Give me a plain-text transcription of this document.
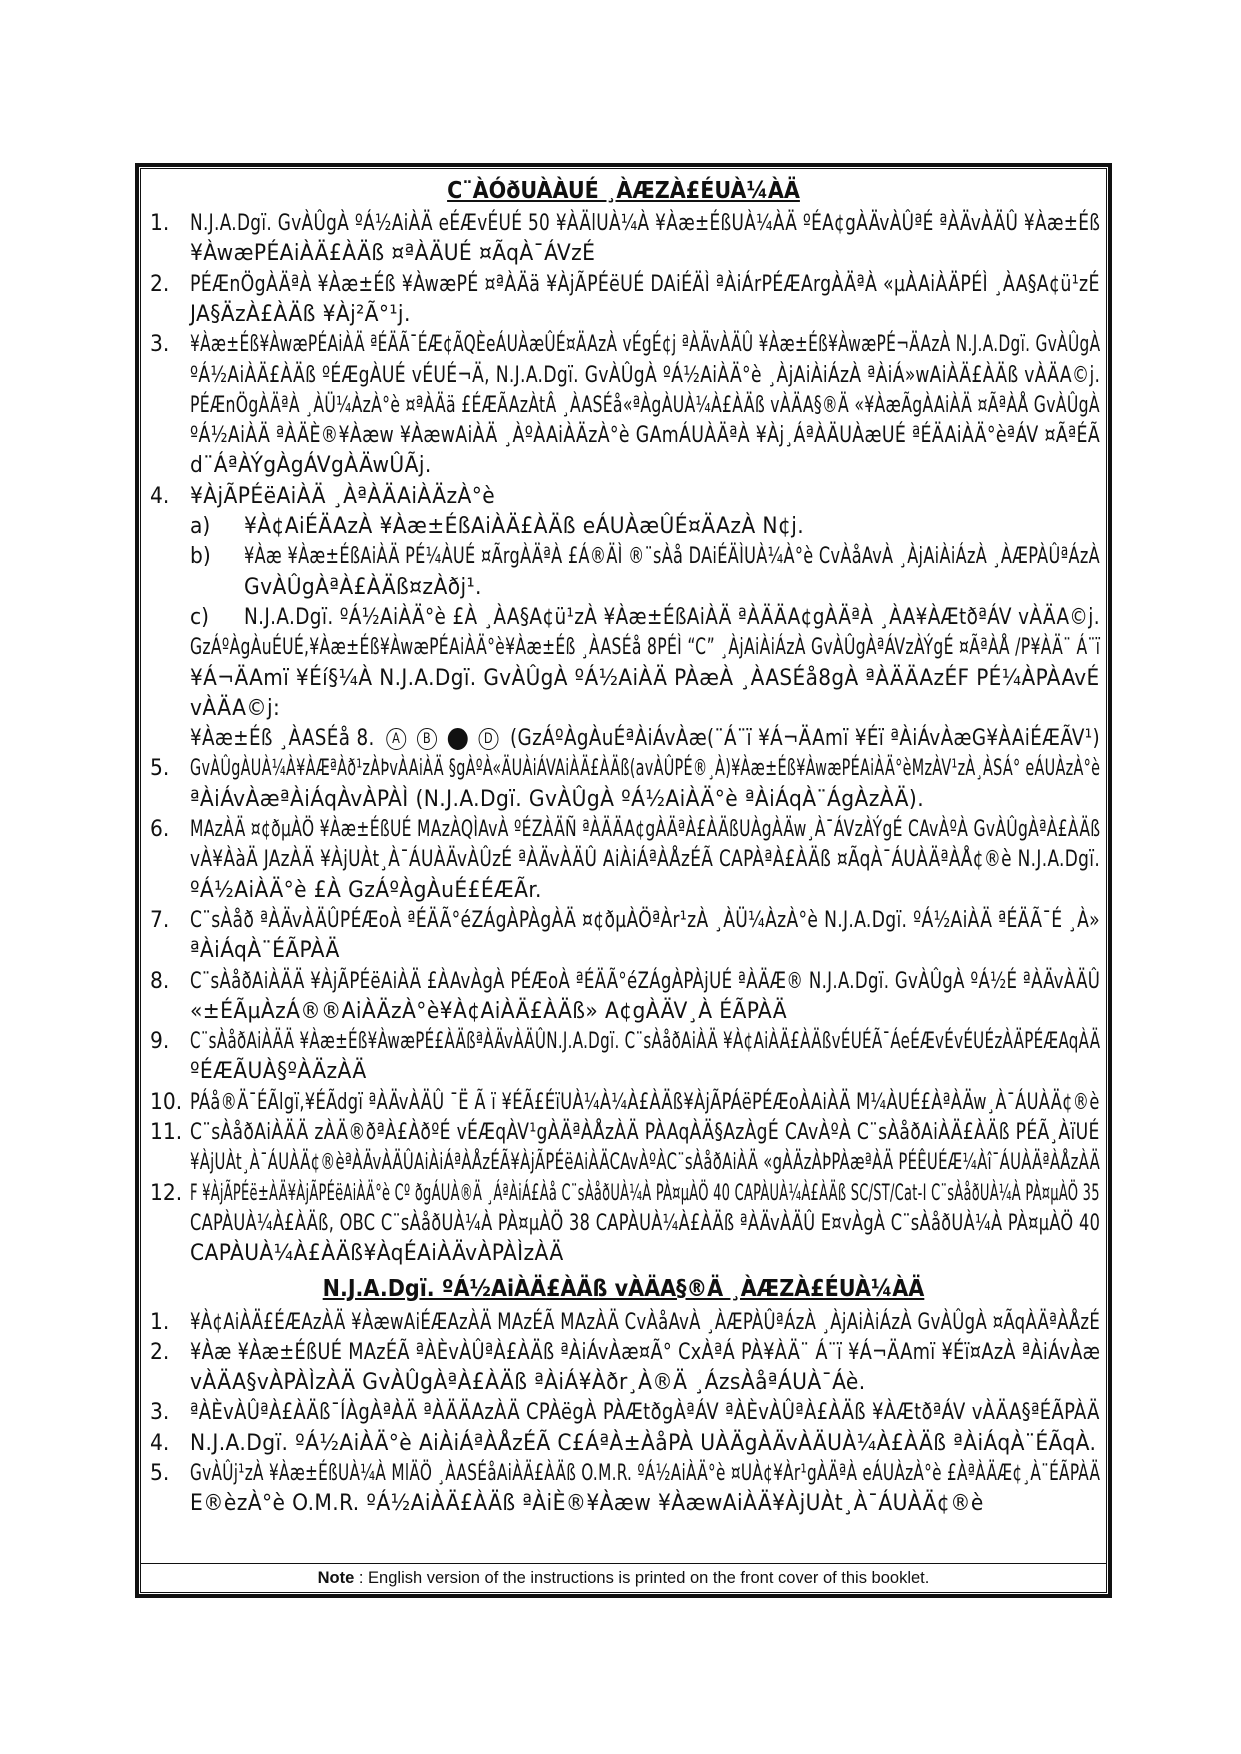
C¨ÀÓðUÀÀUÉ ¸ÀÆZÀ£ÉUÀ¼ÀÄ
1. N.J.A.Dgï. GvÀÛgÀ ºÁ½AiÀÄ eÉÆvÉUÉ 50 ¥ÀÄlUÀ¼À ¥Àæ±ÉßUÀ¼ÀÄ ºÉA¢gÀÄvÀÛªÉ ªÀÄvÀÄÛ ¥Àæ±Éß
¥ÀwæPÉAiÀÄ£ÀÄß ¤ªÀÄUÉ ¤ÃqÀ¯ÁVzÉ
2. PÉÆnÖgÀÄªÀ ¥Àæ±Éß ¥ÀwæPÉ ¤ªÀÄä ¥ÀjÃPÉëUÉ DAiÉÄÌ ªÀiÁrPÉÆArgÀÄªÀ «µÀAiÀÄPÉÌ ¸ÀA§A¢ü¹zÉ
JA§ÄzÀ£ÀÄß ¥Àj²Ã°¹j.
3. ¥Àæ±Éß¥ÀwæPÉAiÀÄ ªÉÄÃ¯ÉÆ¢ÃQÈeÁUÀæÛÉ¤ÄAzÀ vÉgÉ¢j ªÀÄvÀÄÛ ¥Àæ±Éß¥ÀwæPÉ¬ÄAzÀ N.J.A.Dgï. GvÀÛgÀ
ºÁ½AiÀÄ£ÀÄß ºÉÆgÀUÉ vÉUÉ¬Ä, N.J.A.Dgï. GvÀÛgÀ ºÁ½AiÀÄ°è ¸ÀjAiÀiÁzÀ ªÀiÁ»wAiÀÄ£ÀÄß vÀÄA©j.
PÉÆnÖgÀÄªÀ ¸ÀÜ¼ÀzÀ°è ¤ªÀÄä £ÉÆÃAzÀtÂ ¸ÀASÉå«ªÀgÀUÀ¼À£ÀÄß vÀÄA§®Ä «¥ÀæÃgÀAiÀÄ ¤ÃªÀÅ GvÀÛgÀ
ºÁ½AiÀÄ ªÀÄÈ®¥Àæw ¥ÀæwAiÀÄ ¸ÀºÀAiÀÄzÀ°è GAmÁUÀÄªÀ ¥Àj¸ÁªÀÄUÀæUÉ ªÉÄAiÀÄ°èªÁV ¤ÃªÉÃ
d¨ÁªÀÝgÀgÁVgÀÄwÛÃj.
4. ¥ÀjÃPÉëAiÀÄ ¸ÀªÀÄAiÀÄzÀ°è
a) ¥À¢AiÉÄAzÀ ¥Àæ±ÉßAiÀÄ£ÀÄß eÁUÀæÛÉ¤ÄAzÀ N¢j.
b) ¥Àæ ¥Àæ±ÉßAiÀÄ PÉ¼ÀUÉ ¤ÃrgÀÄªÀ £Á®ÄÌ ®¨sÀå DAiÉÄÌUÀ¼À°è CvÀåAvÀ ¸ÀjAiÀiÁzÀ ¸ÀÆPÀÛªÁzÀ
GvÀÛgÀªÀ£ÀÄß¤zÀðj¹.
c) N.J.A.Dgï. ºÁ½AiÀÄ°è £À ¸ÀA§A¢ü¹zÀ ¥Àæ±ÉßAiÀÄ ªÀÄÄA¢gÀÄªÀ ¸ÀA¥ÀÆtðªÁV vÀÄA©j.
GzÁºÀgÀuÉUÉ,¥Àæ±Éß¥ÀwæPÉAiÀÄ°è¥Àæ±Éß ¸ÀASÉå 8PÉÌ “C” ¸ÀjAiÀiÁzÀ GvÀÛgÀªÁVzÀÝgÉ ¤ÃªÀÅ /P¥ÀÄ¨ Á¨ï
¥Á¬ÄAmï ¥Éí§¼À N.J.A.Dgï. GvÀÛgÀ ºÁ½AiÀÄ PÀæÀ ¸ÀASÉå8gÀ ªÀÄÄAzÉF PÉ¼ÀPÀAvÉ
vÀÄA©j:
¥Àæ±Éß ¸ÀASÉå 8. A B	D (GzÁºÀgÀuÉªÀiÁvÀæ(¨Á¨ï ¥Á¬ÄAmï ¥Éï ªÀiÁvÀæG¥ÀAiÉÆÃV¹)
5. GvÀÛgÀUÀ¼À¥ÀÆªÀð¹zÀÞvÀAiÀÄ §gÀºÀ«ÄUÀiÁVAiÀÄ£ÀÄß(avÀÛPÉ®¸À)¥Àæ±Éß¥ÀwæPÉAiÀÄ°èMzÀV¹zÀ¸ÀSÁ° eÁUÀzÀ°è
ªÀiÁvÀæªÀiÁqÀvÀPÀÌ (N.J.A.Dgï. GvÀÛgÀ ºÁ½AiÀÄ°è ªÀiÁqÀ¨ÁgÀzÀÄ).
6. MAzÀÄ ¤¢ðµÀÖ ¥Àæ±ÉßUÉ MAzÀQÌAvÀ ºÉZÀÄÑ ªÀÄÄA¢gÀÄªÀ£ÀÄßUÀgÀÄw¸À¯ÁVzÀÝgÉ CAvÀºÀ GvÀÛgÀªÀ£ÀÄß
vÀ¥ÀàÄ JAzÀÄ ¥ÀjUÀt¸À¯ÁUÀÄvÀÛzÉ ªÀÄvÀÄÛ AiÀiÁªÀÅzÉÃ CAPÀªÀ£ÀÄß ¤ÃqÀ¯ÁUÀÄªÀÅ¢®è N.J.A.Dgï.
ºÁ½AiÀÄ°è £À GzÁºÀgÀuÉ£ÉÆÃr.
7. C¨sÀåð ªÀÄvÀÄÛPÉÆoÀ ªÉÄÃ°éZÁgÀPÀgÀÄ ¤¢ðµÀÖªÀr¹zÀ ¸ÀÜ¼ÀzÀ°è N.J.A.Dgï. ºÁ½AiÀÄ ªÉÄÃ¯É ¸À»
ªÀiÁqÀ¨ÉÃPÀÄ
8. C¨sÀåðAiÀÄÄ ¥ÀjÃPÉëAiÀÄ £ÀAvÀgÀ PÉÆoÀ ªÉÄÃ°éZÁgÀPÀjUÉ ªÀÄÆ® N.J.A.Dgï. GvÀÛgÀ ºÁ½É ªÀÄvÀÄÛ
«±ÉÃµÀzÁ®®AiÀÄzÀ°è¥À¢AiÀÄ£ÀÄß» A¢gÀÄV¸À ÉÃPÀÄ
9. C¨sÀåðAiÀÄÄ ¥Àæ±Éß¥ÀwæPÉ£ÀÄßªÀÄvÀÄÛN.J.A.Dgï. C¨sÀåðAiÀÄ ¥À¢AiÀÄ£ÀÄßvÉUÉÃ¯ÁeÉÆvÉvÉUÉzÀÄPÉÆAqÀÄ
ºÉÆÃUÀ§ºÀÄzÀÄ
10. PÁå®Ä¯ÉÃlgï,¥ÉÃdgï ªÀÄvÀÄÛ ¯Ë Ã ï ¥ÉÃ£ÉïUÀ¼À¼À£ÀÄß¥ÀjÃPÁëPÉÆoÀAiÀÄ M¼ÀUÉ£ÀªÀÄw¸À¯ÁUÀÄ¢®è
11. C¨sÀåðAiÀÄÄ zÀÄ®ðªÀ£ÀðºÉ vÉÆqÀV¹gÀÄªÀÅzÀÄ PÀAqÀÄ§AzÀgÉ CAvÀºÀ C¨sÀåðAiÀÄ£ÀÄß PÉÃ¸ÀïUÉ
¥ÀjUÀt¸À¯ÁUÀÄ¢®èªÀÄvÀÄÛAiÀiÁªÀÅzÉÃ¥ÀjÃPÉëAiÀÄCAvÀºÀC¨sÀåðAiÀÄ «gÀÄzÀÞPÀæªÀÄ PÉÊUÉÆ¼Àî¯ÁUÀÄªÀÅzÀÄ
12. F ¥ÀjÃPÉë±ÀÄ¥ÀjÃPÉëAiÀÄ°è Cº ðgÁUÀ®Ä ¸ÁªÀiÁ£Àå C¨sÀåðUÀ¼À PÀ¤µÀÖ 40 CAPÀUÀ¼À£ÀÄß SC/ST/Cat-I C¨sÀåðUÀ¼À PÀ¤µÀÖ 35
CAPÀUÀ¼À£ÀÄß, OBC C¨sÀåðUÀ¼À PÀ¤µÀÖ 38 CAPÀUÀ¼À£ÀÄß ªÀÄvÀÄÛ E¤vÀgÀ C¨sÀåðUÀ¼À PÀ¤µÀÖ 40
CAPÀUÀ¼À£ÀÄß¥ÀqÉAiÀÄvÀPÀÌzÀÄ
N.J.A.Dgï. ºÁ½AiÀÄ£ÀÄß vÀÄA§®Ä ¸ÀÆZÀ£ÉUÀ¼ÀÄ
1. ¥À¢AiÀÄ£ÉÆAzÀÄ ¥ÀæwAiÉÆAzÀÄ MAzÉÃ MAzÀÄ CvÀåAvÀ ¸ÀÆPÀÛªÁzÀ ¸ÀjAiÀiÁzÀ GvÀÛgÀ ¤ÃqÀÄªÀÅzÉ
2. ¥Àæ ¥Àæ±ÉßUÉ MAzÉÃ ªÀÈvÀÛªÀ£ÀÄß ªÀiÁvÀæ¤Ã° CxÀªÁ PÀ¥ÀÄ¨ Á¨ï ¥Á¬ÄAmï ¥Éï¤AzÀ ªÀiÁvÀæ
vÀÄA§vÀPÀÌzÀÄ GvÀÛgÀªÀ£ÀÄß ªÀiÁ¥Àðr¸À®Ä ¸ÁzsÀåªÁUÀ¯Áè.
3. ªÀÈvÀÛªÀ£ÀÄß¯ÍÀgÀªÀÄ ªÀÄÄAzÀÄ CPÀëgÀ PÀÆtðgÀªÁV ªÀÈvÀÛªÀ£ÀÄß ¥ÀÆtðªÁV vÀÄA§ªÉÃPÀÄ
4. N.J.A.Dgï. ºÁ½AiÀÄ°è AiÀiÁªÀÅzÉÃ C£ÁªÀ±ÀåPÀ UÀÄgÀÄvÀÄUÀ¼À£ÀÄß ªÀiÁqÀ¨ÉÃqÀ.
5. GvÀÛj¹zÀ ¥Àæ±ÉßUÀ¼À MlÄÖ ¸ÀASÉåAiÀÄ£ÀÄß O.M.R. ºÁ½AiÀÄ°è ¤UÀ¢¥Àr¹gÀÄªÀ eÁUÀzÀ°è £ÀªÀÄÆ¢¸À¨ÉÃPÀÄ
E®èzÀ°è O.M.R. ºÁ½AiÀÄ£ÀÄß ªÀiÈ®¥Àæw ¥ÀæwAiÀÄ¥ÀjUÀt¸À¯ÁUÀÄ¢®è
Note : English version of the instructions is printed on the front cover of this booklet.
